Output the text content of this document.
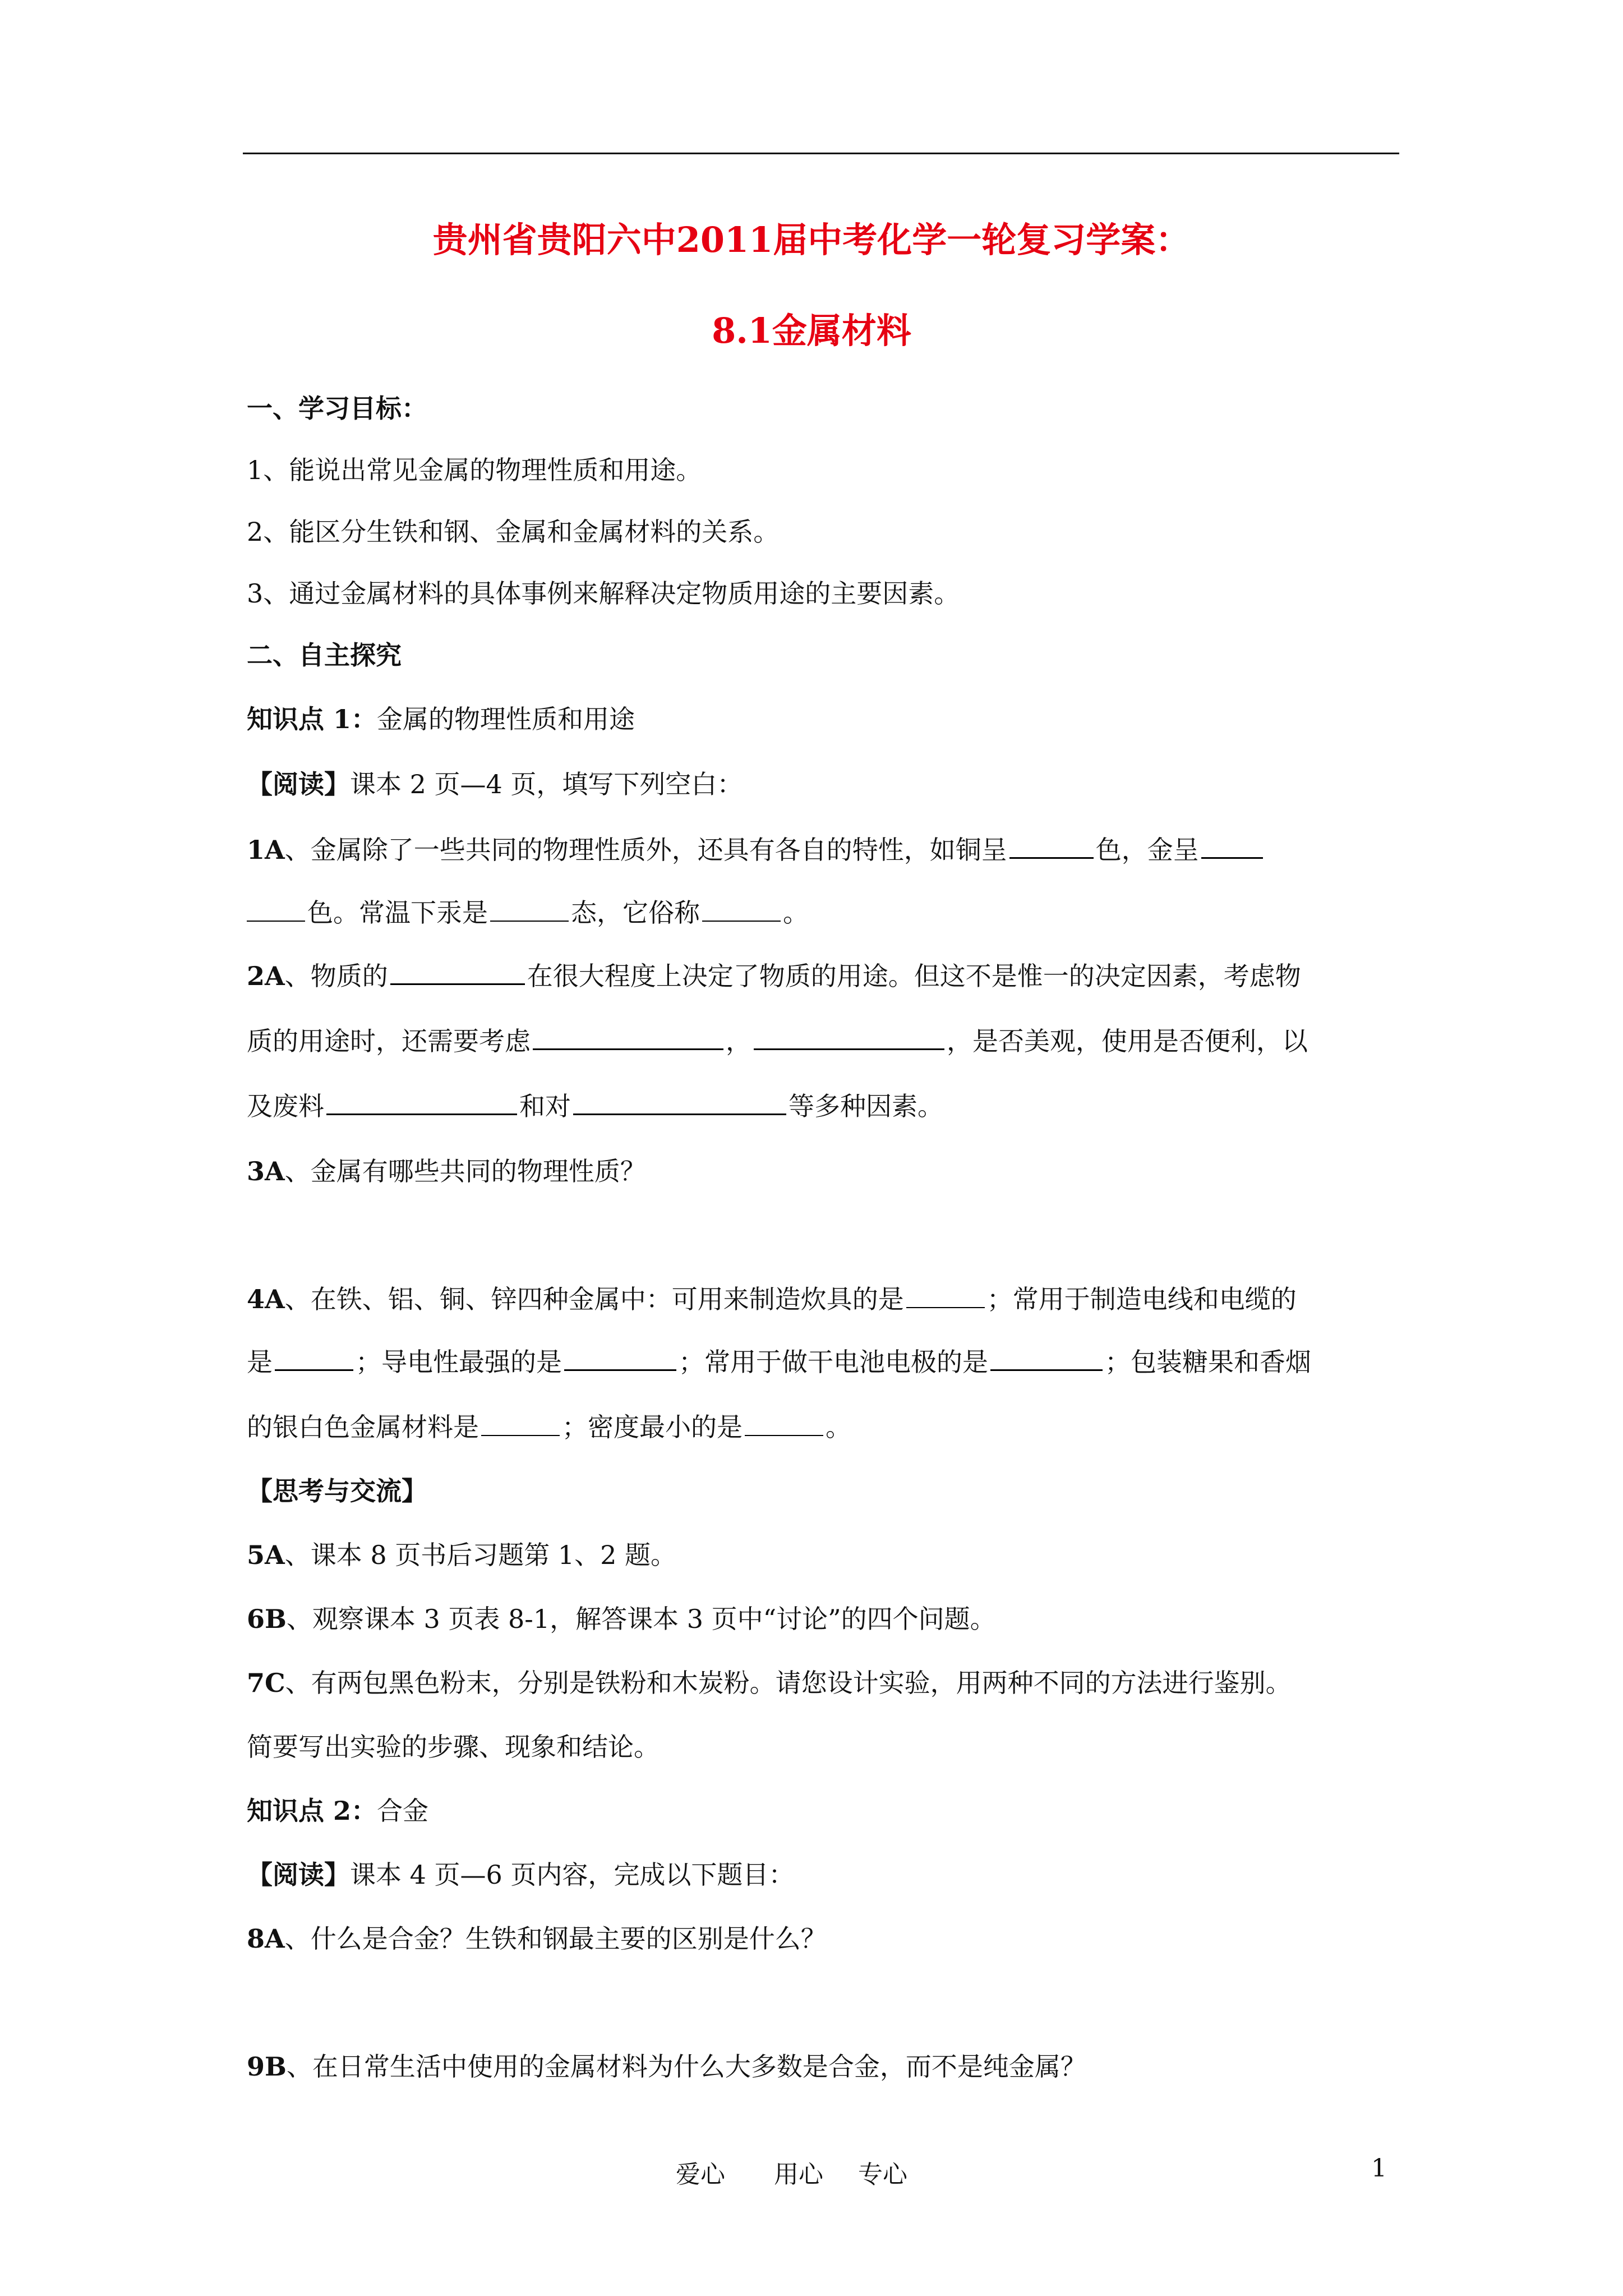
贵州省贵阳六中2011届中考化学一轮复习学案：
8.1金属材料
一、学习目标：
1、能说出常见金属的物理性质和用途。
2、能区分生铁和钢、金属和金属材料的关系。
3、通过金属材料的具体事例来解释决定物质用途的主要因素。
二、自主探究
知识点 1：金属的物理性质和用途
【阅读】课本 2 页—4 页，填写下列空白：
1A、金属除了一些共同的物理性质外，还具有各自的特性，如铜呈	色，金呈
色。常温下汞是	态，它俗称	。
2A、物质的	在很大程度上决定了物质的用途。但这不是惟一的决定因素，考虑物
质的用途时，还需要考虑	，	，是否美观，使用是否便利，以
及废料	和对	等多种因素。
3A、金属有哪些共同的物理性质？
4A、在铁、铝、铜、锌四种金属中：可用来制造炊具的是	；常用于制造电线和电缆的
是	；导电性最强的是	；常用于做干电池电极的是	；包装糖果和香烟
的银白色金属材料是	；密度最小的是	。
【思考与交流】
5A、课本 8 页书后习题第 1、2 题。
6B、观察课本 3 页表 8-1，解答课本 3 页中“讨论”的四个问题。
7C、有两包黑色粉末，分别是铁粉和木炭粉。请您设计实验，用两种不同的方法进行鉴别。
简要写出实验的步骤、现象和结论。
知识点 2：合金
【阅读】课本 4 页—6 页内容，完成以下题目：
8A、什么是合金？生铁和钢最主要的区别是什么？
9B、在日常生活中使用的金属材料为什么大多数是合金，而不是纯金属？
爱心 用心 专心	1
